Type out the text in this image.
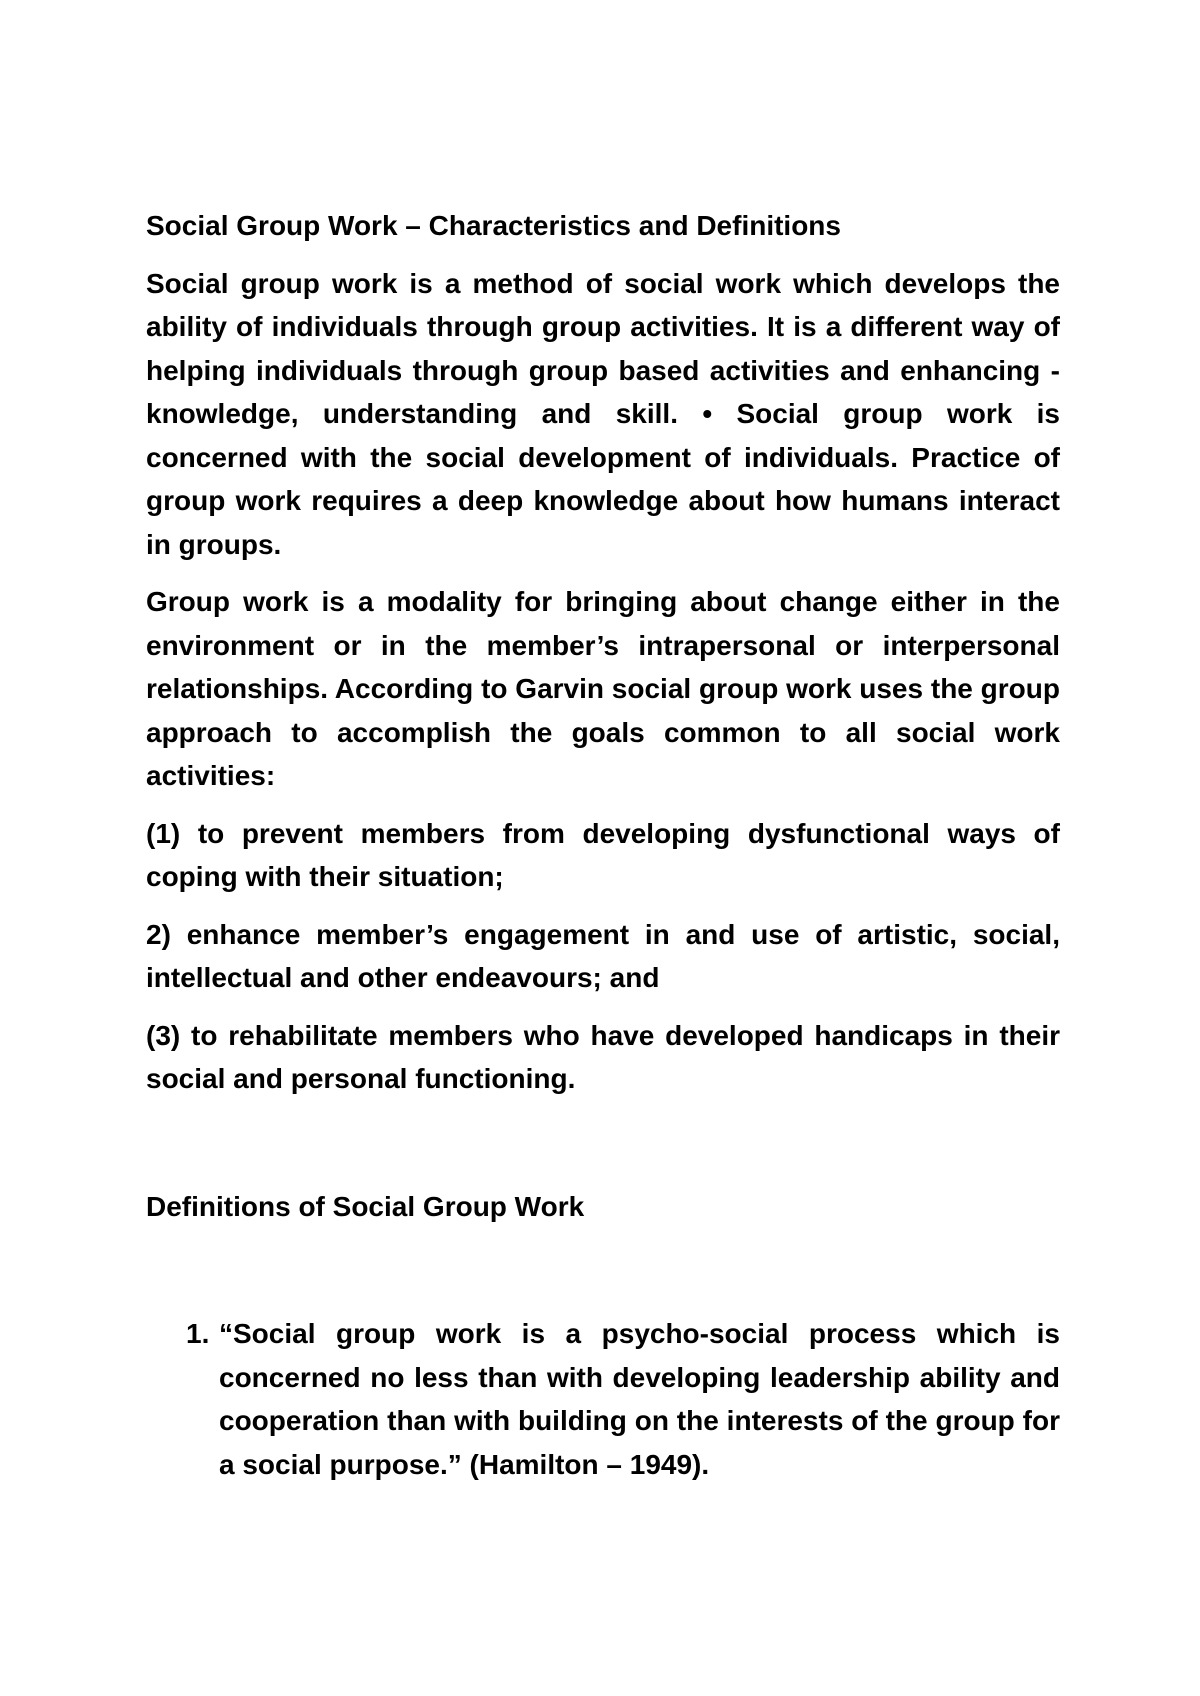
Social Group Work – Characteristics and Definitions

Social group work is a method of social work which develops the ability of individuals through group activities. It is a different way of helping individuals through group based activities and enhancing - knowledge, understanding and skill. • Social group work is concerned with the social development of individuals. Practice of group work requires a deep knowledge about how humans interact in groups.

Group work is a modality for bringing about change either in the environment or in the member’s intrapersonal or interpersonal relationships. According to Garvin social group work uses the group approach to accomplish the goals common to all social work activities:

(1) to prevent members from developing dysfunctional ways of coping with their situation;

2) enhance member’s engagement in and use of artistic, social, intellectual and other endeavours; and

(3) to rehabilitate members who have developed handicaps in their social and personal functioning.

Definitions of Social Group Work

1. “Social group work is a psycho-social process which is concerned no less than with developing leadership ability and cooperation than with building on the interests of the group for a social purpose.” (Hamilton – 1949).
